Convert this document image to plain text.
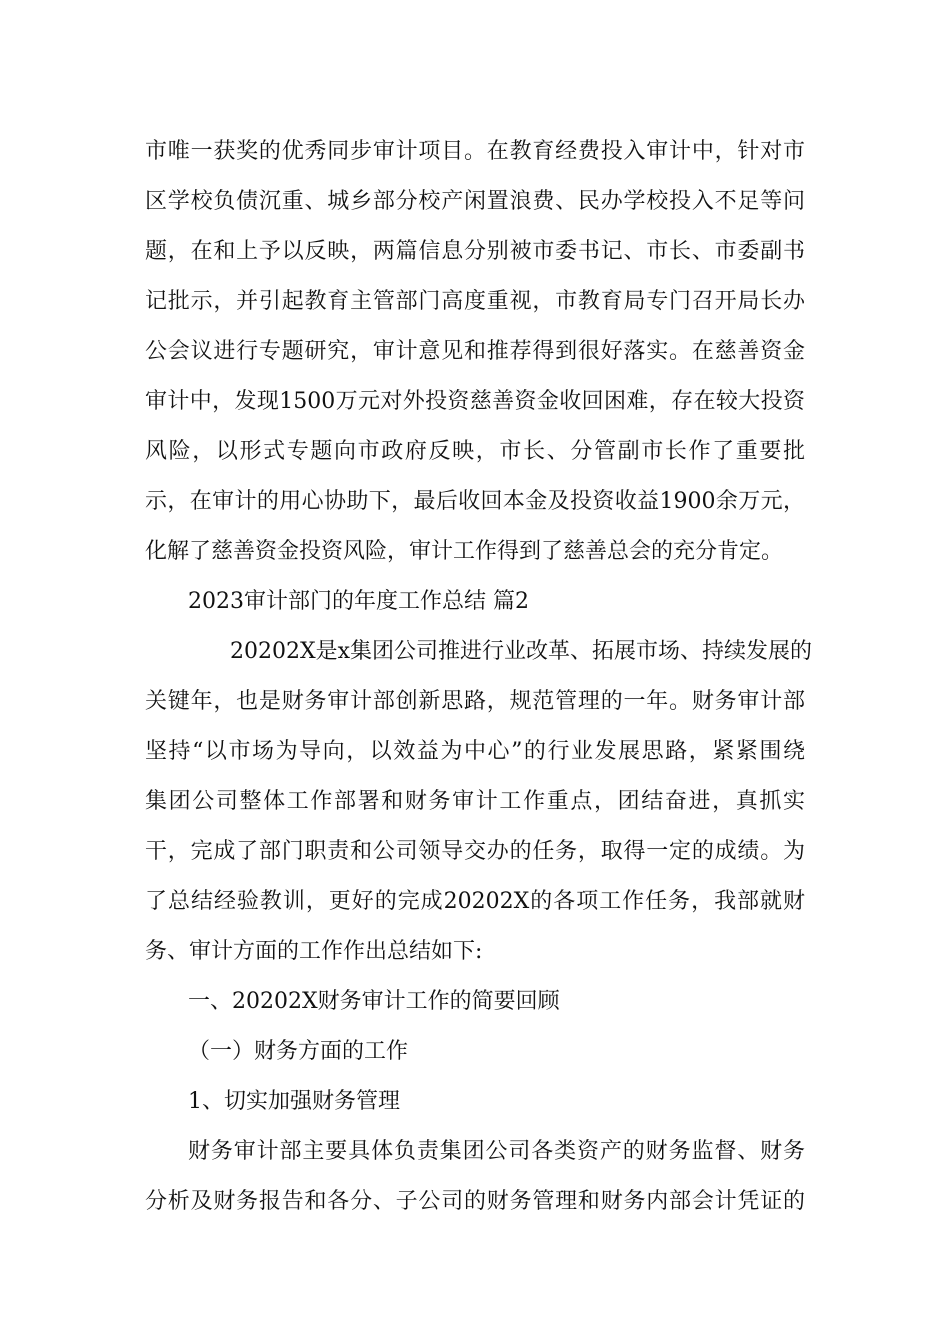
市唯一获奖的优秀同步审计项目。在教育经费投入审计中，针对市
区学校负债沉重、城乡部分校产闲置浪费、民办学校投入不足等问
题，在和上予以反映，两篇信息分别被市委书记、市长、市委副书
记批示，并引起教育主管部门高度重视，市教育局专门召开局长办
公会议进行专题研究，审计意见和推荐得到很好落实。在慈善资金
审计中，发现1500万元对外投资慈善资金收回困难，存在较大投资
风险，以形式专题向市政府反映，市长、分管副市长作了重要批
示，在审计的用心协助下，最后收回本金及投资收益1900余万元，
化解了慈善资金投资风险，审计工作得到了慈善总会的充分肯定。
2023审计部门的年度工作总结 篇2
20202X是x集团公司推进行业改革、拓展市场、持续发展的
关键年，也是财务审计部创新思路，规范管理的一年。财务审计部
坚持“以市场为导向，以效益为中心”的行业发展思路，紧紧围绕
集团公司整体工作部署和财务审计工作重点，团结奋进，真抓实
干，完成了部门职责和公司领导交办的任务，取得一定的成绩。为
了总结经验教训，更好的完成20202X的各项工作任务，我部就财
务、审计方面的工作作出总结如下:
一、20202X财务审计工作的简要回顾
（一）财务方面的工作
1、切实加强财务管理
财务审计部主要具体负责集团公司各类资产的财务监督、财务
分析及财务报告和各分、子公司的财务管理和财务内部会计凭证的
